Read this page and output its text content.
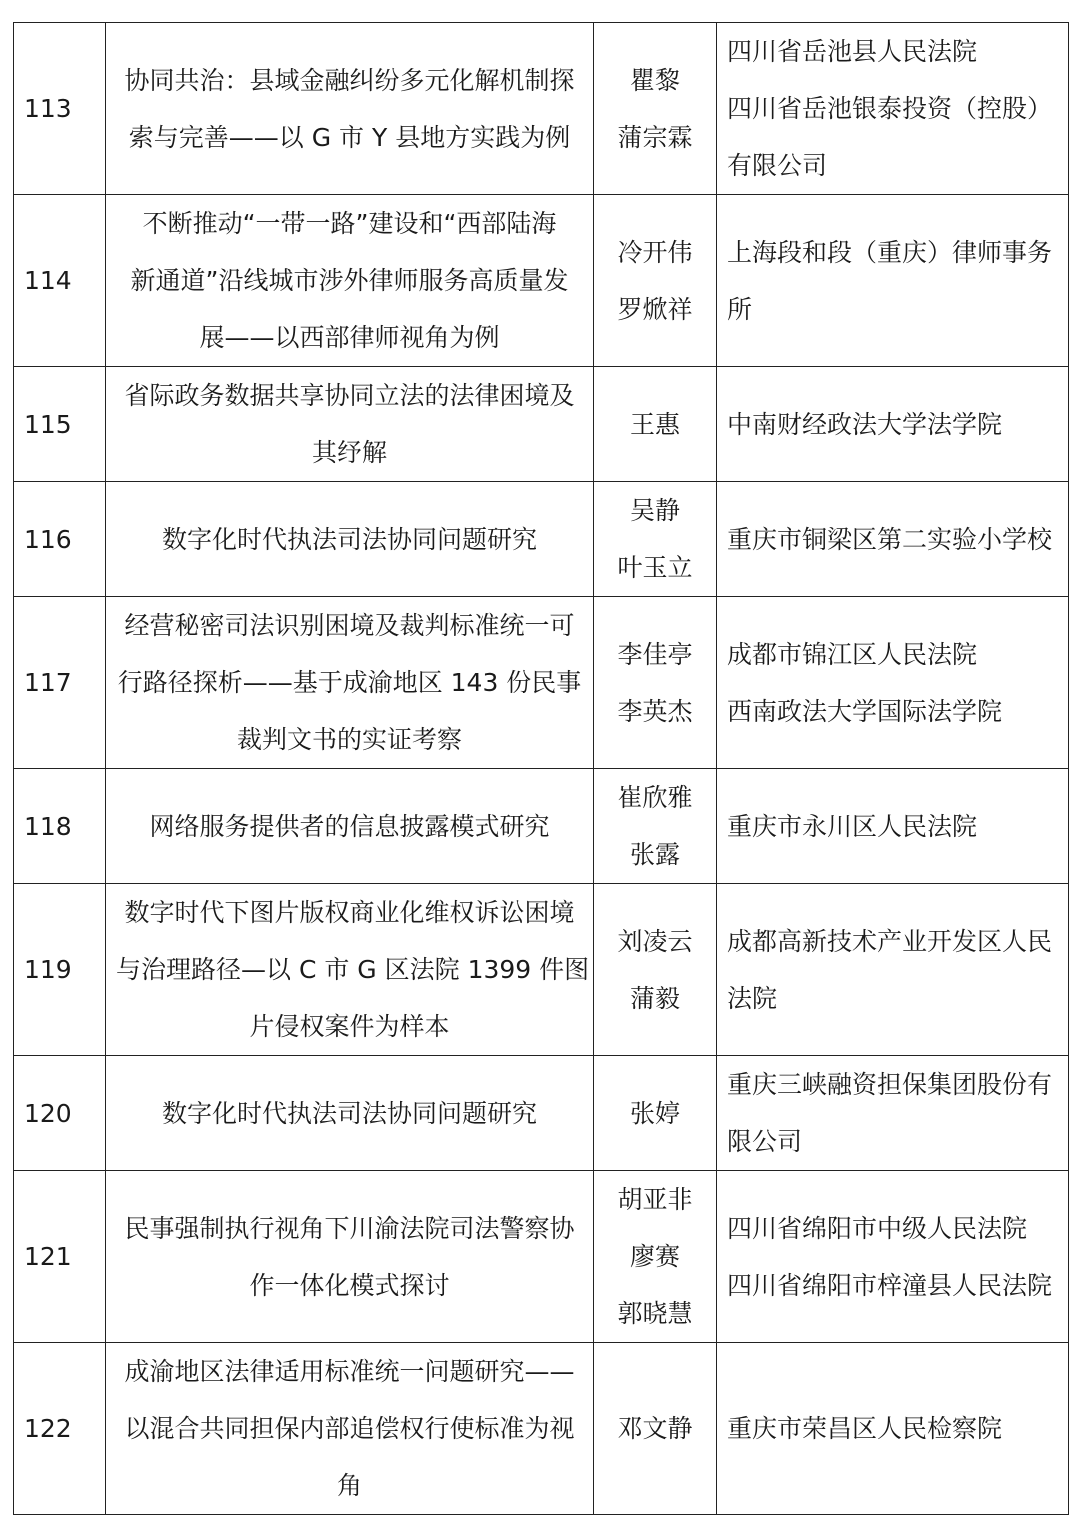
113	协同共治：县域金融纠纷多元化解机制探
索与完善——以 G 市 Y 县地方实践为例	瞿黎
蒲宗霖	四川省岳池县人民法院
四川省岳池银泰投资（控股）
有限公司

114	不断推动“一带一路”建设和“西部陆海
新通道”沿线城市涉外律师服务高质量发
展——以西部律师视角为例	冷开伟
罗焮祥	上海段和段（重庆）律师事务
所

115	省际政务数据共享协同立法的法律困境及
其纾解	王惠	中南财经政法大学法学院

116	数字化时代执法司法协同问题研究	吴静
叶玉立	重庆市铜梁区第二实验小学校

117	经营秘密司法识别困境及裁判标准统一可
行路径探析——基于成渝地区 143 份民事
裁判文书的实证考察	李佳亭
李英杰	成都市锦江区人民法院
西南政法大学国际法学院

118	网络服务提供者的信息披露模式研究	崔欣雅
张露	重庆市永川区人民法院

119	数字时代下图片版权商业化维权诉讼困境
与治理路径—以 C 市 G 区法院 1399 件图
片侵权案件为样本	刘凌云
蒲毅	成都高新技术产业开发区人民
法院

120	数字化时代执法司法协同问题研究	张婷	重庆三峡融资担保集团股份有
限公司

121	民事强制执行视角下川渝法院司法警察协
作一体化模式探讨	胡亚非
廖赛
郭晓慧	四川省绵阳市中级人民法院
四川省绵阳市梓潼县人民法院

122	成渝地区法律适用标准统一问题研究——
以混合共同担保内部追偿权行使标准为视
角	邓文静	重庆市荣昌区人民检察院
